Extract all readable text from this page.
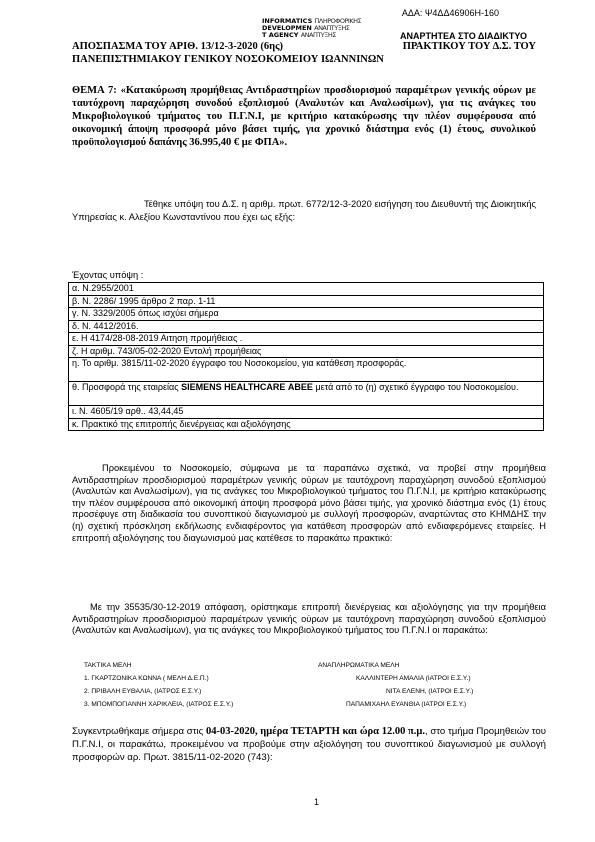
ΑΔΑ: Ψ4ΔΔ46906Η-160
INFORMATICS ΠΛΗΡΟΦΟΡΙΚΗΣ
DEVELOPMEN ΑΝΑΠΤΥΞΗΣ
T AGENCY ΑΝΑΠΤΥΞΗΣ	ΑΝΑΡΤΗΤΕΑ ΣΤΟ ΔΙΑΔΙΚΤΥΟ
ΑΠΟΣΠΑΣΜΑ ΤΟΥ ΑΡΙΘ. 13/12-3-2020 (6ης)	ΠΡΑΚΤΙΚΟΥ ΤΟΥ Δ.Σ. ΤΟΥ
ΠΑΝΕΠΙΣΤΗΜΙΑΚΟΥ ΓΕΝΙΚΟΥ ΝΟΣΟΚΟΜΕΙΟΥ ΙΩΑΝΝΙΝΩΝ
ΘΕΜΑ 7: «Κατακύρωση προμήθειας Αντιδραστηρίων προσδιορισμού παραμέτρων γενικής ούρων με ταυτόχρονη παραχώρηση συνοδού εξοπλισμού (Αναλυτών και Αναλωσίμων), για τις ανάγκες του Μικροβιολογικού τμήματος του Π.Γ.Ν.Ι, με κριτήριο κατακύρωσης την πλέον συμφέρουσα από οικονομική άποψη προσφορά μόνο βάσει τιμής, για χρονικό διάστημα ενός (1) έτους, συνολικού προϋπολογισμού δαπάνης 36.995,40 € με ΦΠΑ».
Τέθηκε υπόψη του Δ.Σ. η αριθμ. πρωτ. 6772/12-3-2020 εισήγηση του Διευθυντή της Διοικητικής Υπηρεσίας κ. Αλεξίου Κωνσταντίνου που έχει ως εξής:
Έχοντας υπόψη :
α. Ν.2955/2001
β. Ν. 2286/ 1995 άρθρο 2 παρ. 1-11
γ. Ν. 3329/2005 όπως ισχύει σήμερα
δ. Ν. 4412/2016.
ε. Η 4174/28-08-2019 Αιτηση προμήθειας .
ζ. Η αριθμ. 743/05-02-2020 Εντολή προμήθειας
η. Το αριθμ. 3815/11-02-2020 έγγραφο του Νοσοκομείου, για κατάθεση προσφοράς.
θ. Προσφορά της εταιρείας SIEMENS HEALTHCARE ΑΒΕΕ μετά από το (η) σχετικό έγγραφο του Νοσοκομείου.
ι. Ν. 4605/19 αρθ.. 43,44,45
κ. Πρακτικό της επιτροπής διενέργειας και αξιολόγησης
Προκειμένου το Νοσοκομείο, σύμφωνα με τα παραπάνω σχετικά, να προβεί στην προμήθεια Αντιδραστηρίων προσδιορισμού παραμέτρων γενικής ούρων με ταυτόχρονη παραχώρηση συνοδού εξοπλισμού (Αναλυτών και Αναλωσίμων), για τις ανάγκες του Μικροβιολογικού τμήματος του Π.Γ.Ν.Ι, με κριτήριο κατακύρωσης την πλέον συμφέρουσα από οικονομική άποψη προσφορά μόνο βάσει τιμής, για χρονικό διάστημα ενός (1) έτους προσέφυγε στη διαδικασία του συνοπτικού διαγωνισμού με συλλογή προσφορών, αναρτώντας στο ΚΗΜΔΗΣ την (η) σχετική πρόσκληση εκδήλωσης ενδιαφέροντος για κατάθεση προσφορών από ενδιαφερόμενες εταιρείες. Η επιτροπή αξιολόγησης του διαγωνισμού μας κατέθεσε το παρακάτω πρακτικό:
Με την 35535/30-12-2019 απόφαση, ορίστηκαμε επιτροπή διενέργειας και αξιολόγησης για την προμήθεια Αντιδραστηρίων προσδιορισμού παραμέτρων γενικής ούρων με ταυτόχρονη παραχώρηση συνοδού εξοπλισμού (Αναλυτών και Αναλωσίμων), για τις ανάγκες του Μικροβιολογικού τμήματος του Π.Γ.Ν.Ι οι παρακάτω:
ΤΑΚΤΙΚΑ ΜΕΛΗ	ΑΝΑΠΛΗΡΩΜΑΤΙΚΑ ΜΕΛΗ
1. ΓΚΑΡΤΖΟΝΙΚΑ ΚΩΝΝΑ ( ΜΕΛΗ Δ.Ε.Π.)	ΚΑΛΛΙΝΤΕΡΗ ΑΜΑΛΙΑ (ΙΑΤΡΟΙ Ε.Σ.Υ.)
2. ΠΡΙΒΑΛΗ ΕΥΘΑΛΙΑ, (ΙΑΤΡΟΣ Ε.Σ.Υ.)	ΝΙΤΑ ΕΛΕΝΗ, (ΙΑΤΡΟΙ Ε.Σ.Υ.)
3. ΜΠΟΜΠΟΓΙΑΝΝΗ ΧΑΡΙΚΛΕΙΑ, (ΙΑΤΡΟΣ Ε.Σ.Υ.)	ΠΑΠΑΜΙΧΑΗΛ ΕΥΑΝΘΙΑ (ΙΑΤΡΟΙ Ε.Σ.Υ.)
Συγκεντρωθήκαμε σήμερα στις 04-03-2020, ημέρα ΤΕΤΑΡΤΗ και ώρα 12.00 π.μ., στο τμήμα Προμηθειών του Π.Γ.Ν.Ι, οι παρακάτω, προκειμένου να προβούμε στην αξιολόγηση του συνοπτικού διαγωνισμού με συλλογή προσφορών αρ. Πρωτ. 3815/11-02-2020 (743):
1
